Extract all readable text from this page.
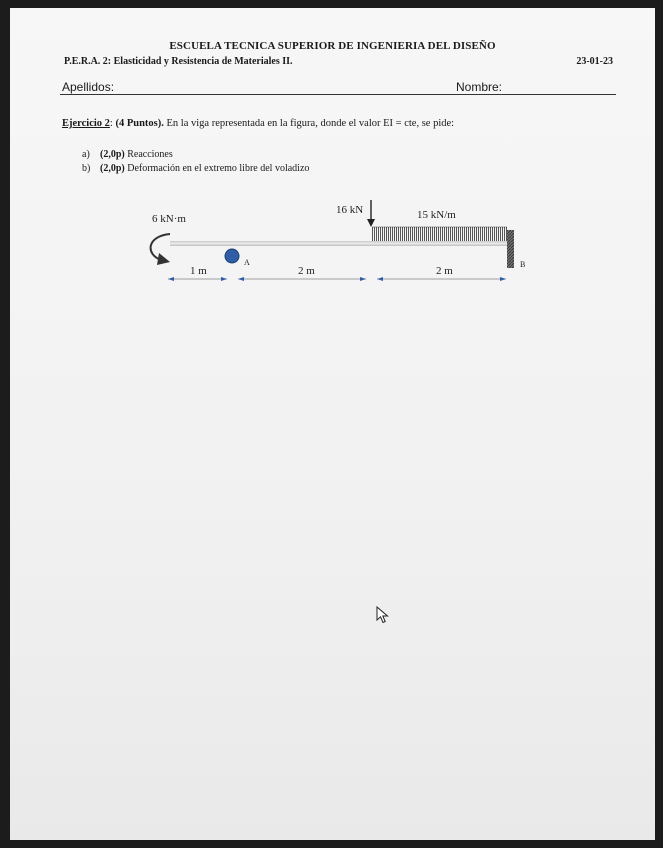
ESCUELA TECNICA SUPERIOR DE INGENIERIA DEL DISEÑO
P.E.R.A. 2: Elasticidad y Resistencia de Materiales II.	23-01-23
Apellidos:	Nombre:
Ejercicio 2: (4 Puntos). En la viga representada en la figura, donde el valor EI = cte, se pide:
a) (2,0p) Reacciones
b) (2,0p) Deformación en el extremo libre del voladizo
6 kN·m
A
16 kN	15 kN/m
B
1 m	2 m	2 m
